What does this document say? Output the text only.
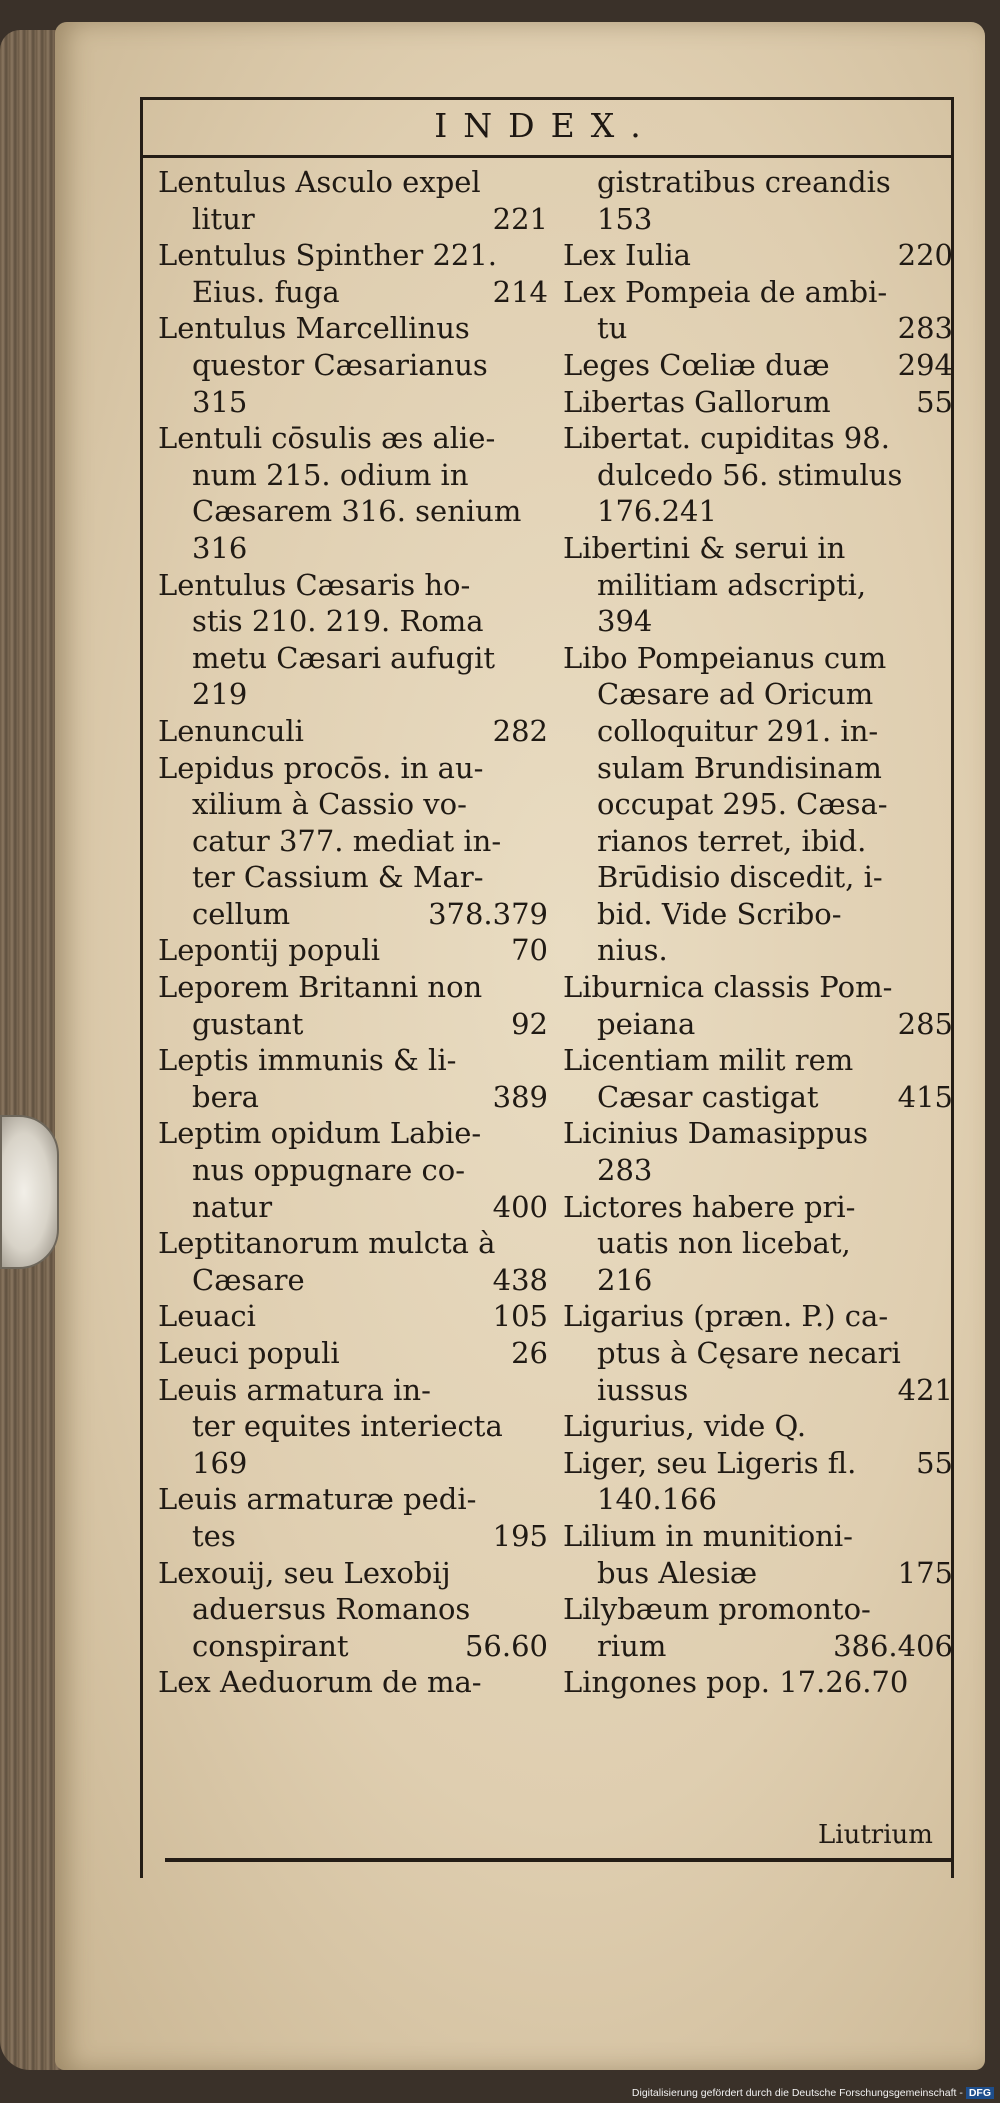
INDEX.
Lentulus Asculo expel
litur	221
Lentulus Spinther 221.
Eius. fuga	214
Lentulus Marcellinus
questor Cæsarianus
315
Lentuli cōsulis æs alie-
num 215. odium in
Cæsarem 316. senium
316
Lentulus Cæsaris ho-
stis 210. 219. Roma
metu Cæsari aufugit
219
Lenunculi	282
Lepidus procōs. in au-
xilium à Cassio vo-
catur 377. mediat in-
ter Cassium & Mar-
cellum	378.379
Lepontij populi	70
Leporem Britanni non
gustant	92
Leptis immunis & li-
bera	389
Leptim opidum Labie-
nus oppugnare co-
natur	400
Leptitanorum mulcta à
Cæsare	438
Leuaci	105
Leuci populi	26
Leuis armatura in-
ter equites interiecta
169
Leuis armaturæ pedi-
tes	195
Lexouij, seu Lexobij
aduersus Romanos
conspirant	56.60
Lex Aeduorum de ma-
gistratibus creandis
153
Lex Iulia	220
Lex Pompeia de ambi-
tu	283
Leges Cœliæ duæ 294
Libertas Gallorum	55
Libertat. cupiditas 98.
dulcedo 56. stimulus
176.241
Libertini & serui in
militiam adscripti,
394
Libo Pompeianus cum
Cæsare ad Oricum
colloquitur 291. in-
sulam Brundisinam
occupat 295. Cæsa-
rianos terret, ibid.
Brūdisio discedit, i-
bid. Vide Scribo-
nius.
Liburnica classis Pom-
peiana	285
Licentiam milit rem
Cæsar castigat	415
Licinius Damasippus
283
Lictores habere pri-
uatis non licebat,
216
Ligarius (præn. P.) ca-
ptus à Cęsare necari
iussus	421
Ligurius, vide Q.
Liger, seu Ligeris fl. 55
140.166
Lilium in munitioni-
bus Alesiæ	175
Lilybæum promonto-
rium	386.406
Lingones pop. 17.26.70
Liutrium
Digitalisierung gefördert durch die Deutsche Forschungsgemeinschaft - DFG
